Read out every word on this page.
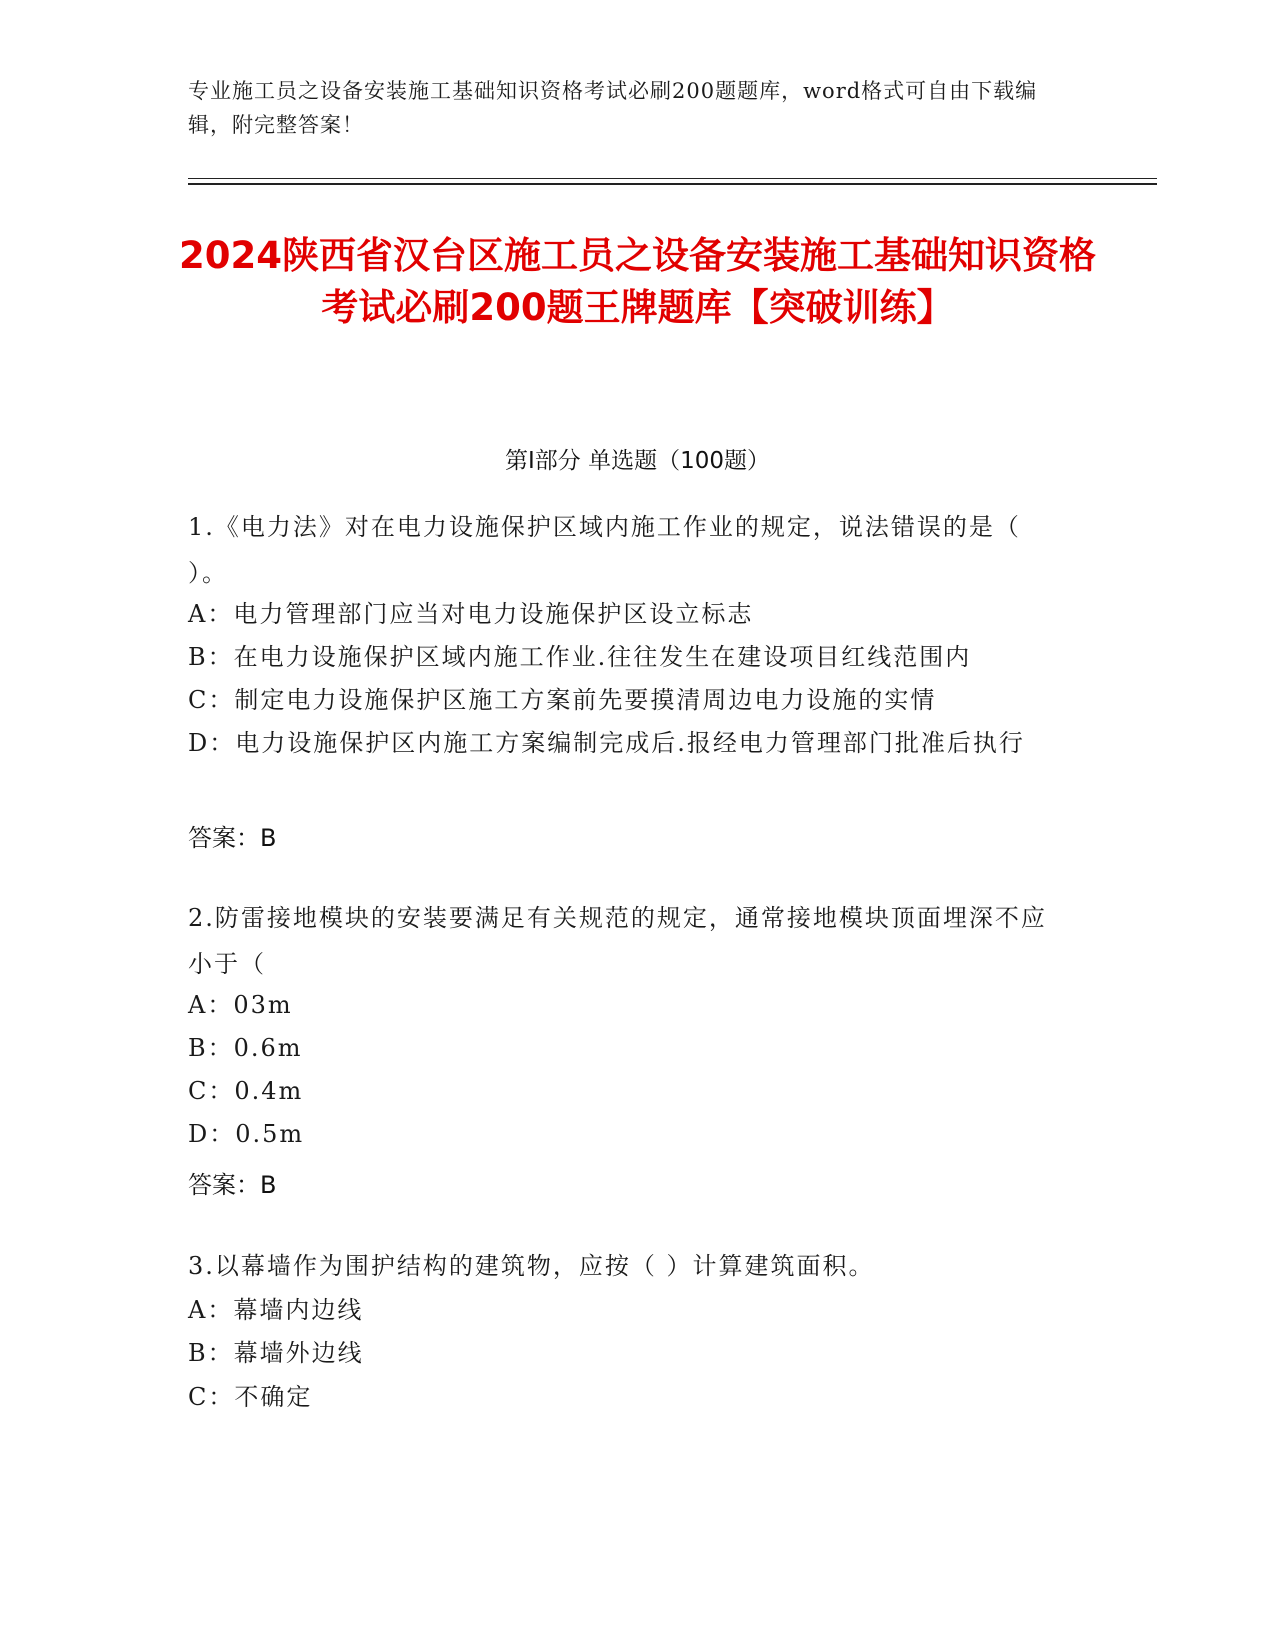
专业施工员之设备安装施工基础知识资格考试必刷200题题库，word格式可自由下载编辑，附完整答案！
2024陕西省汉台区施工员之设备安装施工基础知识资格考试必刷200题王牌题库【突破训练】
第I部分 单选题（100题）
1.《电力法》对在电力设施保护区域内施工作业的规定，说法错误的是（ ）。
A：电力管理部门应当对电力设施保护区设立标志
B：在电力设施保护区域内施工作业.往往发生在建设项目红线范围内
C：制定电力设施保护区施工方案前先要摸清周边电力设施的实情
D：电力设施保护区内施工方案编制完成后.报经电力管理部门批准后执行
答案：B
2.防雷接地模块的安装要满足有关规范的规定，通常接地模块顶面埋深不应小于（
A：03m
B：0.6m
C：0.4m
D：0.5m
答案：B
3.以幕墙作为围护结构的建筑物，应按（ ）计算建筑面积。
A：幕墙内边线
B：幕墙外边线
C：不确定
